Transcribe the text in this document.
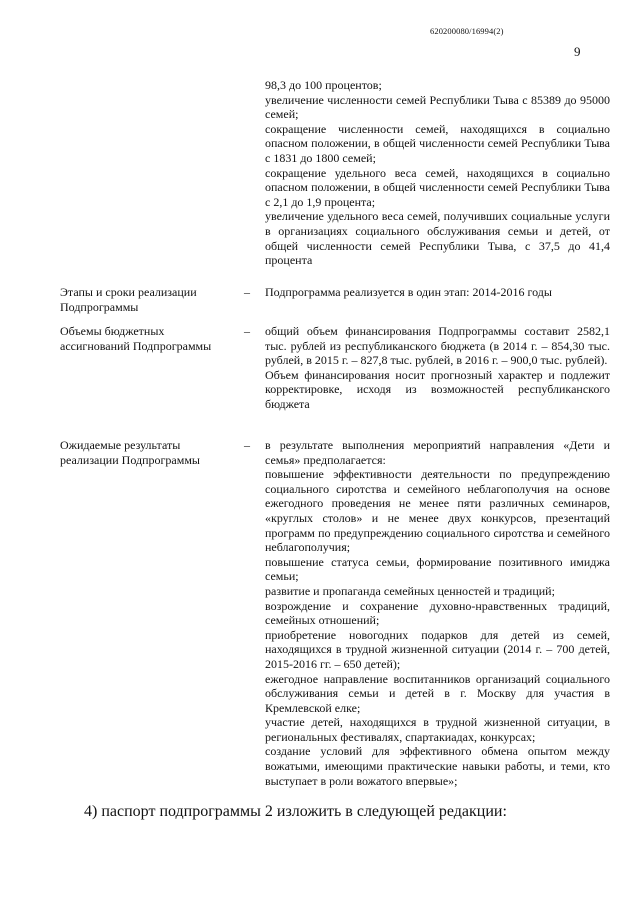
620200080/16994(2)
9

98,3 до 100 процентов;

увеличение численности семей Республики Тыва с 85389 до 95000 семей;

сокращение численности семей, находящихся в социально опасном положении, в общей численности семей Республики Тыва с 1831 до 1800 семей;

сокращение удельного веса семей, находящихся в социально опасном положении, в общей численности семей Республики Тыва с 2,1 до 1,9 процента;

увеличение удельного веса семей, получивших социальные услуги в организациях социального обслуживания семьи и детей, от общей численности семей Республики Тыва, с 37,5 до 41,4 процента

Этапы и сроки реализации Подпрограммы
– Подпрограмма реализуется в один этап: 2014-2016 годы

Объемы бюджетных ассигнований Подпрограммы
– общий объем финансирования Подпрограммы составит 2582,1 тыс. рублей из республиканского бюджета (в 2014 г. – 854,30 тыс. рублей, в 2015 г. – 827,8 тыс. рублей, в 2016 г. – 900,0 тыс. рублей).

Объем финансирования носит прогнозный характер и подлежит корректировке, исходя из возможностей республиканского бюджета

Ожидаемые результаты реализации Подпрограммы
– в результате выполнения мероприятий направления «Дети и семья» предполагается:

повышение эффективности деятельности по предупреждению социального сиротства и семейного неблагополучия на основе ежегодного проведения не менее пяти различных семинаров, «круглых столов» и не менее двух конкурсов, презентаций программ по предупреждению социального сиротства и семейного неблагополучия;

повышение статуса семьи, формирование позитивного имиджа семьи;

развитие и пропаганда семейных ценностей и традиций;

возрождение и сохранение духовно-нравственных традиций, семейных отношений;

приобретение новогодних подарков для детей из семей, находящихся в трудной жизненной ситуации (2014 г. – 700 детей, 2015-2016 гг. – 650 детей);

ежегодное направление воспитанников организаций социального обслуживания семьи и детей в г. Москву для участия в Кремлевской елке;

участие детей, находящихся в трудной жизненной ситуации, в региональных фестивалях, спартакиадах, конкурсах;

создание условий для эффективного обмена опытом между вожатыми, имеющими практические навыки работы, и теми, кто выступает в роли вожатого впервые»;

4) паспорт подпрограммы 2 изложить в следующей редакции:
